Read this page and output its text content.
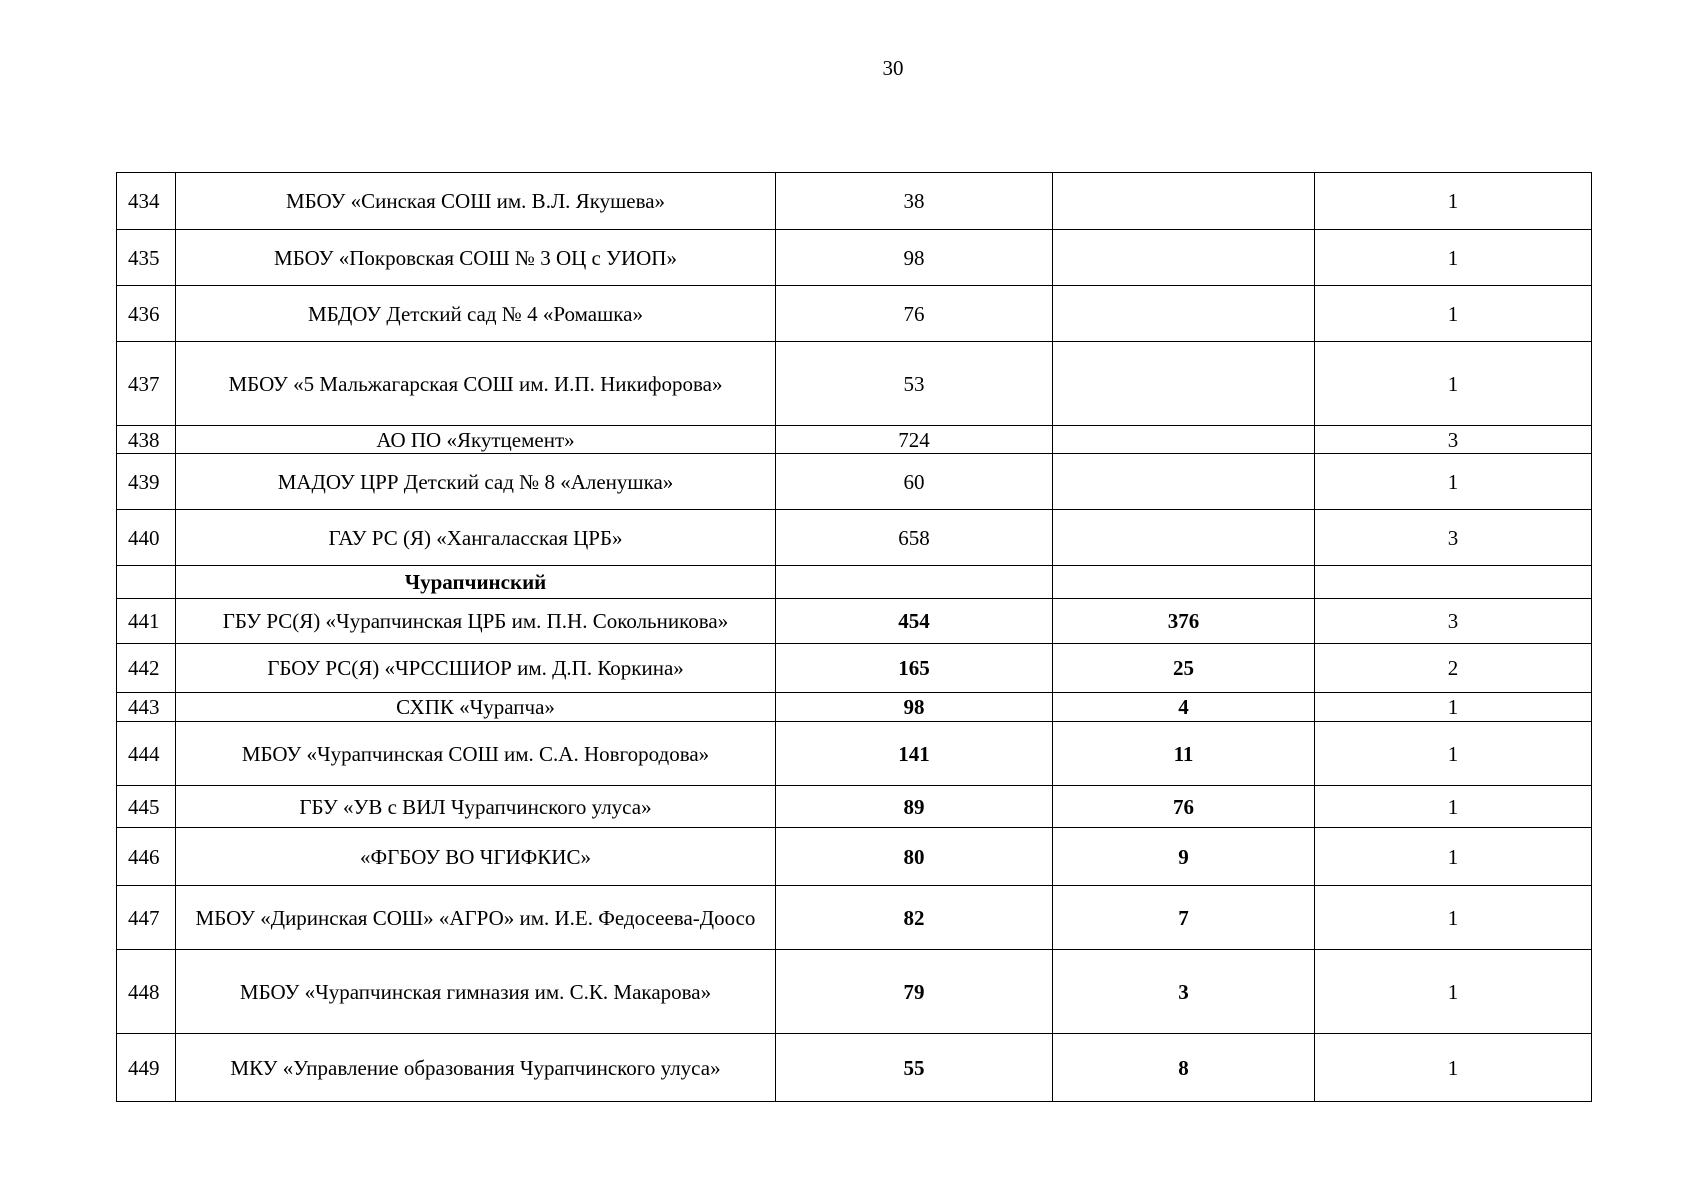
30
434	МБОУ «Синская СОШ им. В.Л. Якушева»	38		1
435	МБОУ «Покровская СОШ № 3 ОЦ с УИОП»	98		1
436	МБДОУ Детский сад № 4 «Ромашка»	76		1
437	МБОУ «5 Мальжагарская СОШ им. И.П. Никифорова»	53		1
438	АО ПО «Якутцемент»	724		3
439	МАДОУ ЦРР Детский сад № 8 «Аленушка»	60		1
440	ГАУ РС (Я) «Хангаласская ЦРБ»	658		3
	Чурапчинский			
441	ГБУ РС(Я) «Чурапчинская ЦРБ им. П.Н. Сокольникова»	454	376	3
442	ГБОУ РС(Я) «ЧРССШИОР им. Д.П. Коркина»	165	25	2
443	СХПК «Чурапча»	98	4	1
444	МБОУ «Чурапчинская СОШ им. С.А. Новгородова»	141	11	1
445	ГБУ «УВ с ВИЛ Чурапчинского улуса»	89	76	1
446	«ФГБОУ ВО ЧГИФКИС»	80	9	1
447	МБОУ «Диринская СОШ» «АГРО» им. И.Е. Федосеева-Доосо	82	7	1
448	МБОУ «Чурапчинская гимназия им. С.К. Макарова»	79	3	1
449	МКУ «Управление образования Чурапчинского улуса»	55	8	1
